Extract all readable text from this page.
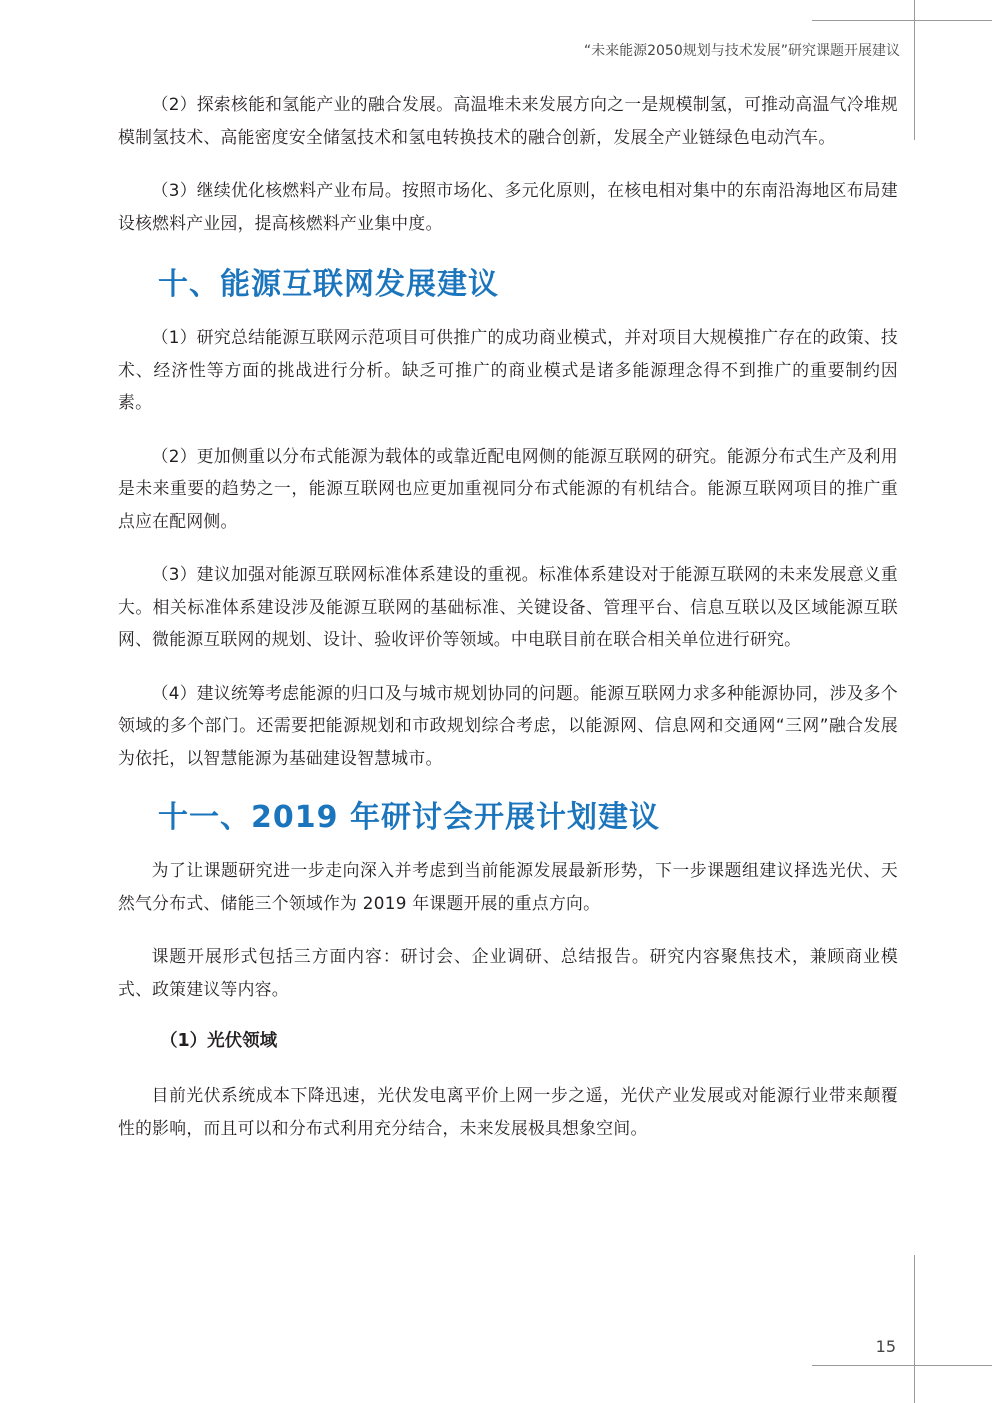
“未来能源2050规划与技术发展”研究课题开展建议

（2）探索核能和氢能产业的融合发展。高温堆未来发展方向之一是规模制氢，可推动高温气冷堆规模制氢技术、高能密度安全储氢技术和氢电转换技术的融合创新，发展全产业链绿色电动汽车。

（3）继续优化核燃料产业布局。按照市场化、多元化原则，在核电相对集中的东南沿海地区布局建设核燃料产业园，提高核燃料产业集中度。

十、能源互联网发展建议

（1）研究总结能源互联网示范项目可供推广的成功商业模式，并对项目大规模推广存在的政策、技术、经济性等方面的挑战进行分析。缺乏可推广的商业模式是诸多能源理念得不到推广的重要制约因素。

（2）更加侧重以分布式能源为载体的或靠近配电网侧的能源互联网的研究。能源分布式生产及利用是未来重要的趋势之一，能源互联网也应更加重视同分布式能源的有机结合。能源互联网项目的推广重点应在配网侧。

（3）建议加强对能源互联网标准体系建设的重视。标准体系建设对于能源互联网的未来发展意义重大。相关标准体系建设涉及能源互联网的基础标准、关键设备、管理平台、信息互联以及区域能源互联网、微能源互联网的规划、设计、验收评价等领域。中电联目前在联合相关单位进行研究。

（4）建议统筹考虑能源的归口及与城市规划协同的问题。能源互联网力求多种能源协同，涉及多个领域的多个部门。还需要把能源规划和市政规划综合考虑，以能源网、信息网和交通网“三网”融合发展为依托，以智慧能源为基础建设智慧城市。

十一、2019 年研讨会开展计划建议

为了让课题研究进一步走向深入并考虑到当前能源发展最新形势，下一步课题组建议择选光伏、天然气分布式、储能三个领域作为 2019 年课题开展的重点方向。

课题开展形式包括三方面内容：研讨会、企业调研、总结报告。研究内容聚焦技术，兼顾商业模式、政策建议等内容。

（1）光伏领域

目前光伏系统成本下降迅速，光伏发电离平价上网一步之遥，光伏产业发展或对能源行业带来颠覆性的影响，而且可以和分布式利用充分结合，未来发展极具想象空间。

15
